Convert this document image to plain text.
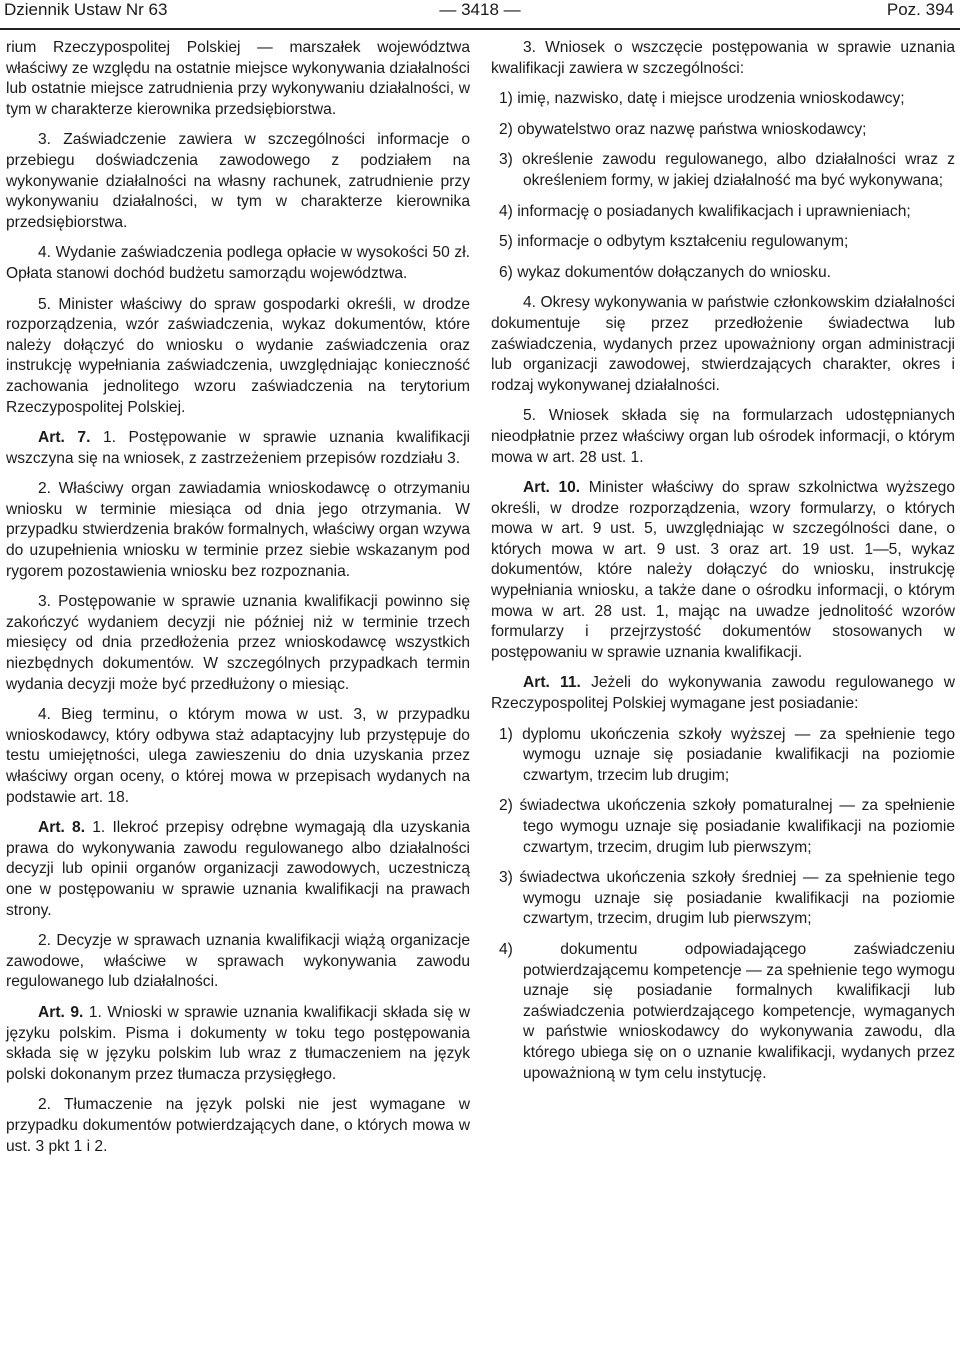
Dziennik Ustaw Nr 63	— 3418 —	Poz. 394

rium Rzeczypospolitej Polskiej — marszałek województwa właściwy ze względu na ostatnie miejsce wykonywania działalności lub ostatnie miejsce zatrudnienia przy wykonywaniu działalności, w tym w charakterze kierownika przedsiębiorstwa.

3. Zaświadczenie zawiera w szczególności informacje o przebiegu doświadczenia zawodowego z podziałem na wykonywanie działalności na własny rachunek, zatrudnienie przy wykonywaniu działalności, w tym w charakterze kierownika przedsiębiorstwa.

4. Wydanie zaświadczenia podlega opłacie w wysokości 50 zł. Opłata stanowi dochód budżetu samorządu województwa.

5. Minister właściwy do spraw gospodarki określi, w drodze rozporządzenia, wzór zaświadczenia, wykaz dokumentów, które należy dołączyć do wniosku o wydanie zaświadczenia oraz instrukcję wypełniania zaświadczenia, uwzględniając konieczność zachowania jednolitego wzoru zaświadczenia na terytorium Rzeczypospolitej Polskiej.

Art. 7. 1. Postępowanie w sprawie uznania kwalifikacji wszczyna się na wniosek, z zastrzeżeniem przepisów rozdziału 3.

2. Właściwy organ zawiadamia wnioskodawcę o otrzymaniu wniosku w terminie miesiąca od dnia jego otrzymania. W przypadku stwierdzenia braków formalnych, właściwy organ wzywa do uzupełnienia wniosku w terminie przez siebie wskazanym pod rygorem pozostawienia wniosku bez rozpoznania.

3. Postępowanie w sprawie uznania kwalifikacji powinno się zakończyć wydaniem decyzji nie później niż w terminie trzech miesięcy od dnia przedłożenia przez wnioskodawcę wszystkich niezbędnych dokumentów. W szczególnych przypadkach termin wydania decyzji może być przedłużony o miesiąc.

4. Bieg terminu, o którym mowa w ust. 3, w przypadku wnioskodawcy, który odbywa staż adaptacyjny lub przystępuje do testu umiejętności, ulega zawieszeniu do dnia uzyskania przez właściwy organ oceny, o której mowa w przepisach wydanych na podstawie art. 18.

Art. 8. 1. Ilekroć przepisy odrębne wymagają dla uzyskania prawa do wykonywania zawodu regulowanego albo działalności decyzji lub opinii organów organizacji zawodowych, uczestniczą one w postępowaniu w sprawie uznania kwalifikacji na prawach strony.

2. Decyzje w sprawach uznania kwalifikacji wiążą organizacje zawodowe, właściwe w sprawach wykonywania zawodu regulowanego lub działalności.

Art. 9. 1. Wnioski w sprawie uznania kwalifikacji składa się w języku polskim. Pisma i dokumenty w toku tego postępowania składa się w języku polskim lub wraz z tłumaczeniem na język polski dokonanym przez tłumacza przysięgłego.

2. Tłumaczenie na język polski nie jest wymagane w przypadku dokumentów potwierdzających dane, o których mowa w ust. 3 pkt 1 i 2.

3. Wniosek o wszczęcie postępowania w sprawie uznania kwalifikacji zawiera w szczególności:

1) imię, nazwisko, datę i miejsce urodzenia wnioskodawcy;
2) obywatelstwo oraz nazwę państwa wnioskodawcy;
3) określenie zawodu regulowanego, albo działalności wraz z określeniem formy, w jakiej działalność ma być wykonywana;
4) informację o posiadanych kwalifikacjach i uprawnieniach;
5) informacje o odbytym kształceniu regulowanym;
6) wykaz dokumentów dołączanych do wniosku.

4. Okresy wykonywania w państwie członkowskim działalności dokumentuje się przez przedłożenie świadectwa lub zaświadczenia, wydanych przez upoważniony organ administracji lub organizacji zawodowej, stwierdzających charakter, okres i rodzaj wykonywanej działalności.

5. Wniosek składa się na formularzach udostępnianych nieodpłatnie przez właściwy organ lub ośrodek informacji, o którym mowa w art. 28 ust. 1.

Art. 10. Minister właściwy do spraw szkolnictwa wyższego określi, w drodze rozporządzenia, wzory formularzy, o których mowa w art. 9 ust. 5, uwzględniając w szczególności dane, o których mowa w art. 9 ust. 3 oraz art. 19 ust. 1—5, wykaz dokumentów, które należy dołączyć do wniosku, instrukcję wypełniania wniosku, a także dane o ośrodku informacji, o którym mowa w art. 28 ust. 1, mając na uwadze jednolitość wzorów formularzy i przejrzystość dokumentów stosowanych w postępowaniu w sprawie uznania kwalifikacji.

Art. 11. Jeżeli do wykonywania zawodu regulowanego w Rzeczypospolitej Polskiej wymagane jest posiadanie:

1) dyplomu ukończenia szkoły wyższej — za spełnienie tego wymogu uznaje się posiadanie kwalifikacji na poziomie czwartym, trzecim lub drugim;
2) świadectwa ukończenia szkoły pomaturalnej — za spełnienie tego wymogu uznaje się posiadanie kwalifikacji na poziomie czwartym, trzecim, drugim lub pierwszym;
3) świadectwa ukończenia szkoły średniej — za spełnienie tego wymogu uznaje się posiadanie kwalifikacji na poziomie czwartym, trzecim, drugim lub pierwszym;
4) dokumentu odpowiadającego zaświadczeniu potwierdzającemu kompetencje — za spełnienie tego wymogu uznaje się posiadanie formalnych kwalifikacji lub zaświadczenia potwierdzającego kompetencje, wymaganych w państwie wnioskodawcy do wykonywania zawodu, dla którego ubiega się on o uznanie kwalifikacji, wydanych przez upoważnioną w tym celu instytucję.
